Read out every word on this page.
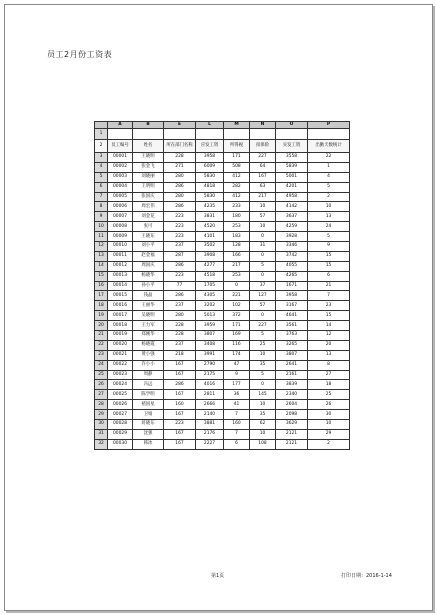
员工2月份工资表
	A	B	E	L	M	N	O	P
1								
2	员工编号	姓名	所在部门名称	应发工资	所得税	扣保险	实发工资	出勤天数统计
3	00001	王晓明	228	3958	171	227	3558	22
4	00002	张金飞	271	6009	508	64	5839	1
5	00003	刘晓丽	280	5830	412	167	5001	4
6	00004	王明明	286	4818	282	63	4201	5
7	00005	张国庆	280	5830	412	217	4958	2
8	00006	周宏伟	286	4235	233	10	4142	10
9	00007	刘金花	223	3831	180	57	3637	13
10	00008	张可	223	4520	253	10	4259	24
11	00009	王晓东	223	4101	183	0	3928	5
12	00010	刘小平	237	3502	128	31	3346	9
13	00011	赵金福	287	3908	166	0	3742	15
14	00012	周国庆	286	4277	217	5	4055	15
15	00013	杨晓华	223	4518	253	0	4265	6
16	00014	孙小平	77	1705	0	37	1671	21
17	00015	钱晶	286	4305	221	127	3958	7
18	00016	王丽华	237	3202	102	57	3167	23
19	00017	吴晓明	280	5013	372	0	4641	15
20	00018	王力军	228	3959	171	227	3561	14
21	00019	郑刚华	228	3807	169	5	3763	12
22	00020	杨晓霞	237	3408	116	25	3265	20
23	00021	黄小强	218	3991	174	10	3807	13
24	00022	许小小	167	2790	47	35	2641	8
25	00023	周静	167	2175	9	5	2161	27
26	00024	冯远	286	4016	177	0	3839	18
27	00025	陈学明	167	2811	36	145	2340	25
28	00026	褚国星	160	2666	41	10	2604	26
29	00027	卫娟	167	2140	7	35	2098	30
30	00028	蒋晓东	223	3881	160	62	3629	10
31	00029	沈强	167	2176	7	10	2121	29
32	00030	韩冰	167	2227	6	108	2121	2
第1页	打印日期：2016-1-14
